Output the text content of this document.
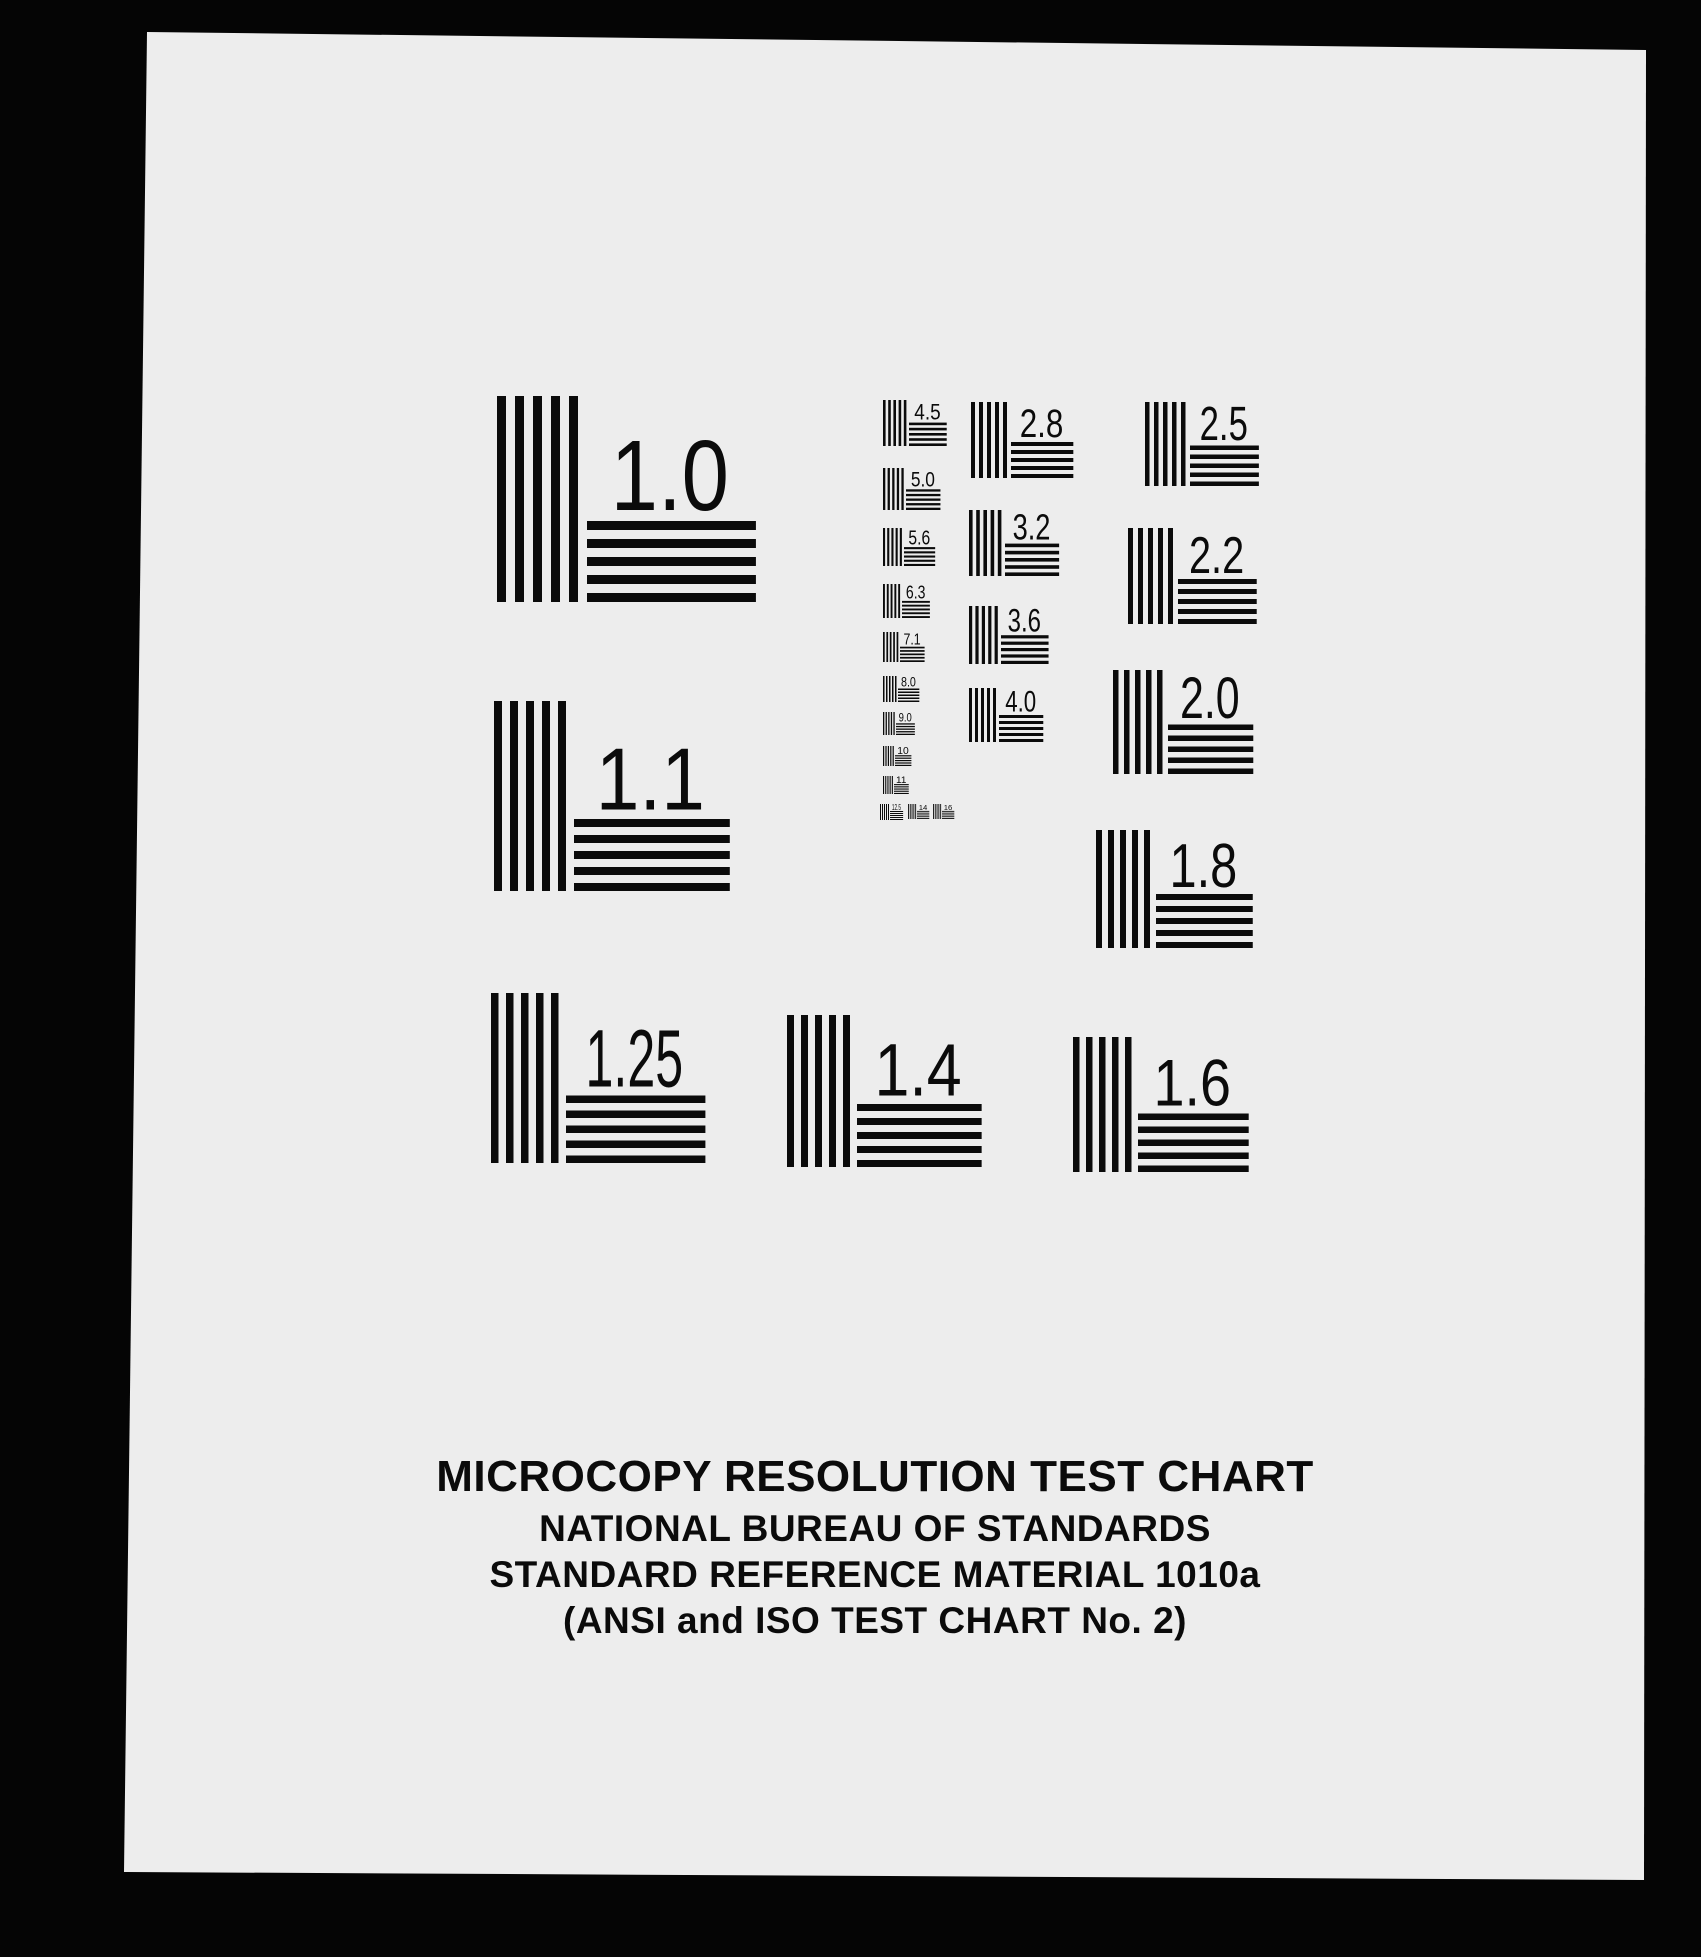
1.0
1.1
1.25	1.4	1.6
1.8
2.0
2.2
2.5
2.8
3.2
3.6
4.0
4.5
5.0
5.6
6.3
7.1
8.0
9.0
10
11
12.5 14 16
MICROCOPY RESOLUTION TEST CHART
NATIONAL BUREAU OF STANDARDS
STANDARD REFERENCE MATERIAL 1010a
(ANSI and ISO TEST CHART No. 2)
